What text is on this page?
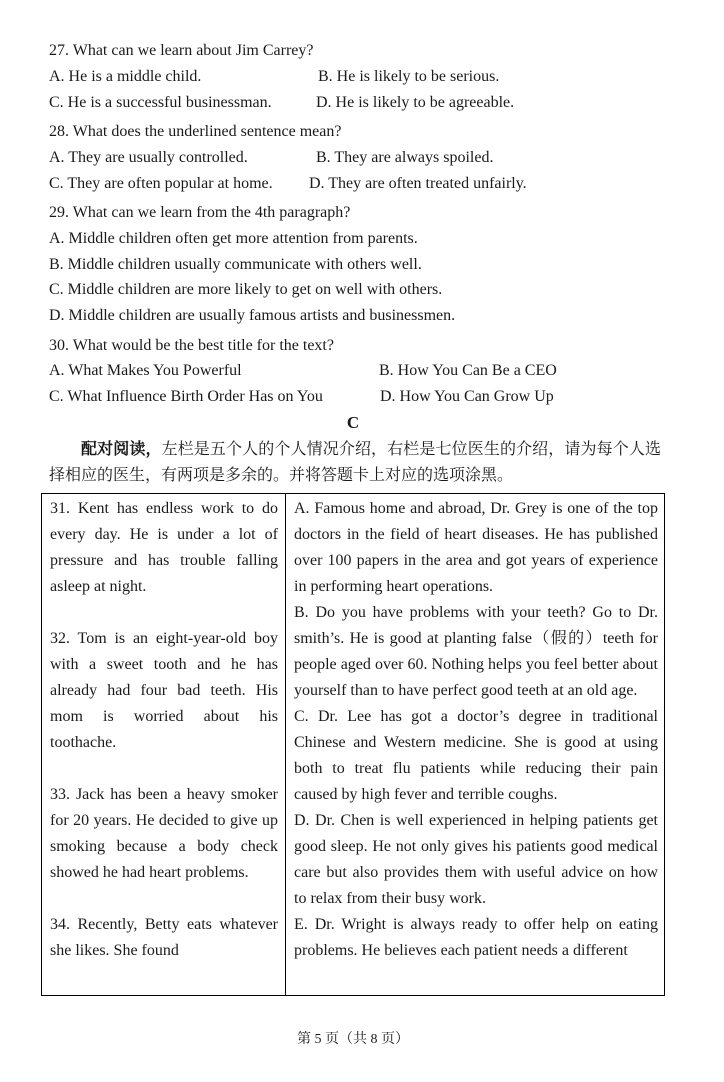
27. What can we learn about Jim Carrey?
A. He is a middle child.	B. He is likely to be serious.
C. He is a successful businessman.	D. He is likely to be agreeable.
28. What does the underlined sentence mean?
A. They are usually controlled.	B. They are always spoiled.
C. They are often popular at home. D. They are often treated unfairly.
29. What can we learn from the 4th paragraph?
A. Middle children often get more attention from parents.
B. Middle children usually communicate with others well.
C. Middle children are more likely to get on well with others.
D. Middle children are usually famous artists and businessmen.
30. What would be the best title for the text?
A. What Makes You Powerful	B. How You Can Be a CEO
C. What Influence Birth Order Has on You	D. How You Can Grow Up
C
配对阅读，左栏是五个人的个人情况介绍，右栏是七位医生的介绍，请为每个人选择相应的医生，有两项是多余的。并将答题卡上对应的选项涂黑。

31. Kent has endless work to do every day. He is under a lot of pressure and has trouble falling asleep at night.

32. Tom is an eight-year-old boy with a sweet tooth and he has already had four bad teeth. His mom is worried about his toothache.

33. Jack has been a heavy smoker for 20 years. He decided to give up smoking because a body check showed he had heart problems.

34. Recently, Betty eats whatever she likes. She found

A. Famous home and abroad, Dr. Grey is one of the top doctors in the field of heart diseases. He has published over 100 papers in the area and got years of experience in performing heart operations.

B. Do you have problems with your teeth? Go to Dr. smith’s. He is good at planting false（假的）teeth for people aged over 60. Nothing helps you feel better about yourself than to have perfect good teeth at an old age.

C. Dr. Lee has got a doctor’s degree in traditional Chinese and Western medicine. She is good at using both to treat flu patients while reducing their pain caused by high fever and terrible coughs.

D. Dr. Chen is well experienced in helping patients get good sleep. He not only gives his patients good medical care but also provides them with useful advice on how to relax from their busy work.

E. Dr. Wright is always ready to offer help on eating problems. He believes each patient needs a different

第 5 页（共 8 页）
